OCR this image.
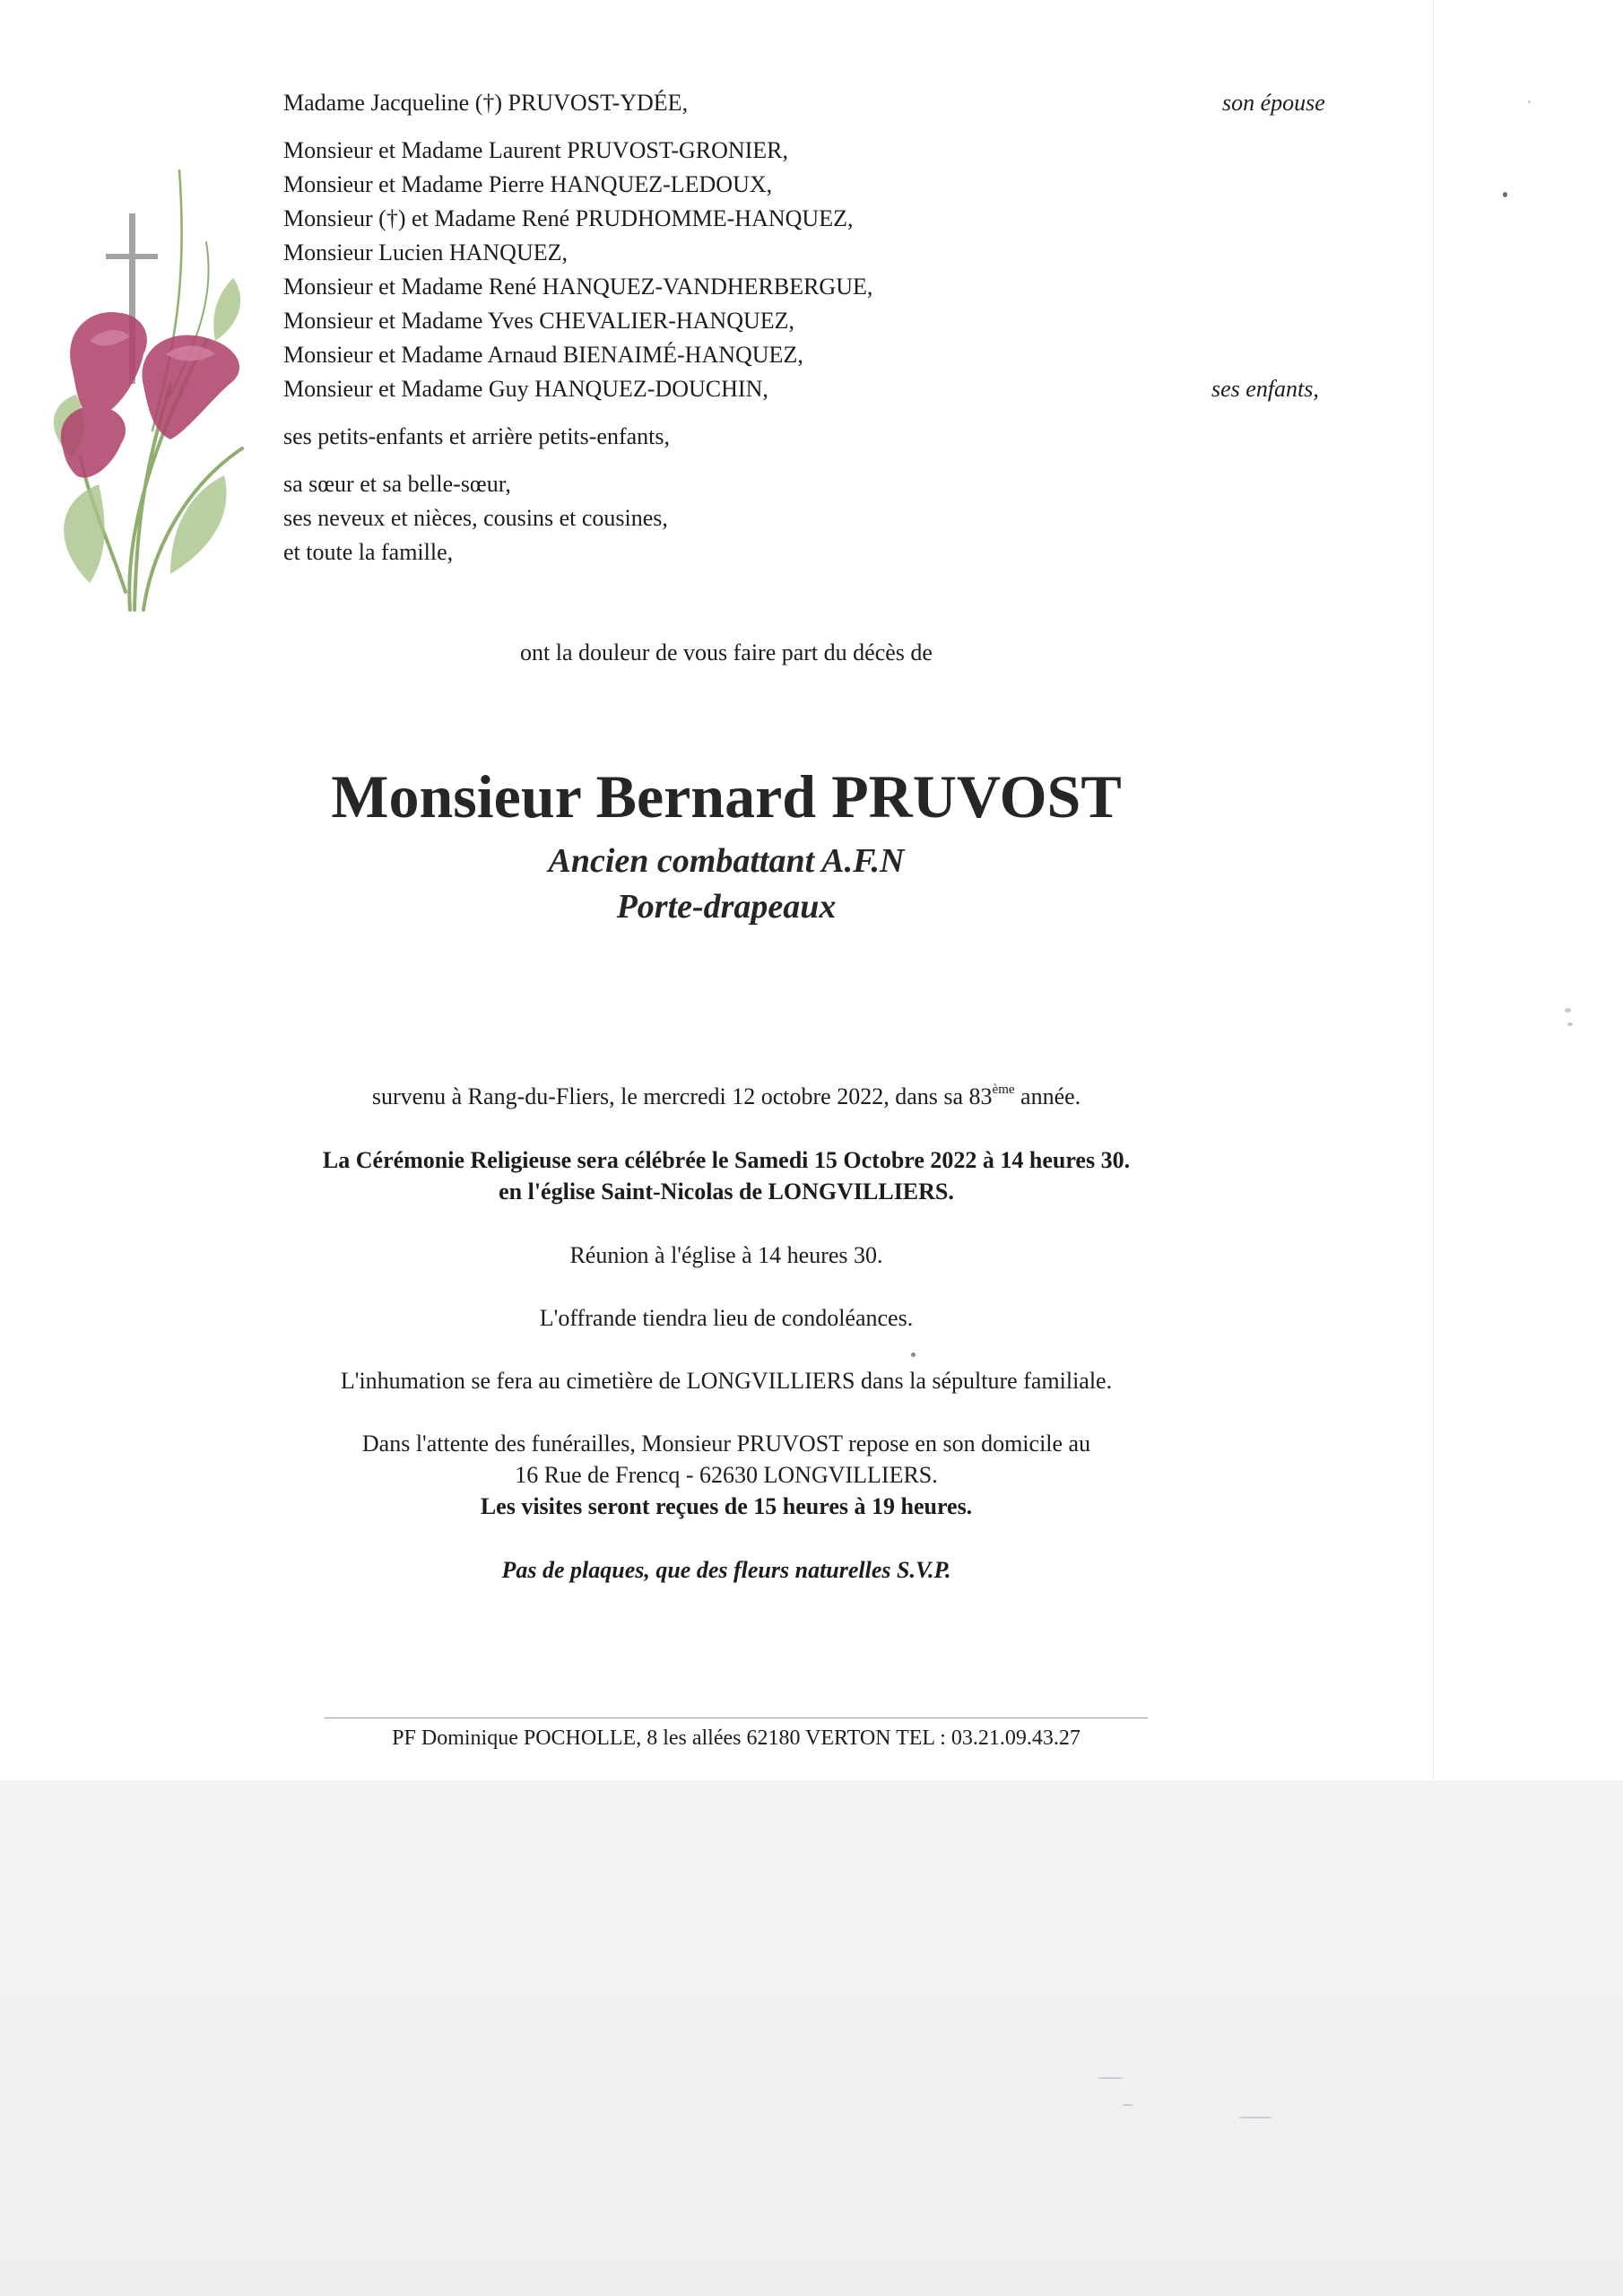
Madame Jacqueline (†) PRUVOST-YDÉE,	son épouse
Monsieur et Madame Laurent PRUVOST-GRONIER,
Monsieur et Madame Pierre HANQUEZ-LEDOUX,
Monsieur (†) et Madame René PRUDHOMME-HANQUEZ,
Monsieur Lucien HANQUEZ,
Monsieur et Madame René HANQUEZ-VANDHERBERGUE,
Monsieur et Madame Yves CHEVALIER-HANQUEZ,
Monsieur et Madame Arnaud BIENAIMÉ-HANQUEZ,
Monsieur et Madame Guy HANQUEZ-DOUCHIN,	ses enfants,
ses petits-enfants et arrière petits-enfants,
sa sœur et sa belle-sœur,
ses neveux et nièces, cousins et cousines,
et toute la famille,
ont la douleur de vous faire part du décès de
Monsieur Bernard PRUVOST
Ancien combattant A.F.N
Porte-drapeaux
survenu à Rang-du-Fliers, le mercredi 12 octobre 2022, dans sa 83ème année.
La Cérémonie Religieuse sera célébrée le Samedi 15 Octobre 2022 à 14 heures 30.
en l'église Saint-Nicolas de LONGVILLIERS.
Réunion à l'église à 14 heures 30.
L'offrande tiendra lieu de condoléances.
L'inhumation se fera au cimetière de LONGVILLIERS dans la sépulture familiale.
Dans l'attente des funérailles, Monsieur PRUVOST repose en son domicile au
16 Rue de Frencq - 62630 LONGVILLIERS.
Les visites seront reçues de 15 heures à 19 heures.
Pas de plaques, que des fleurs naturelles S.V.P.
PF Dominique POCHOLLE, 8 les allées 62180 VERTON TEL : 03.21.09.43.27
